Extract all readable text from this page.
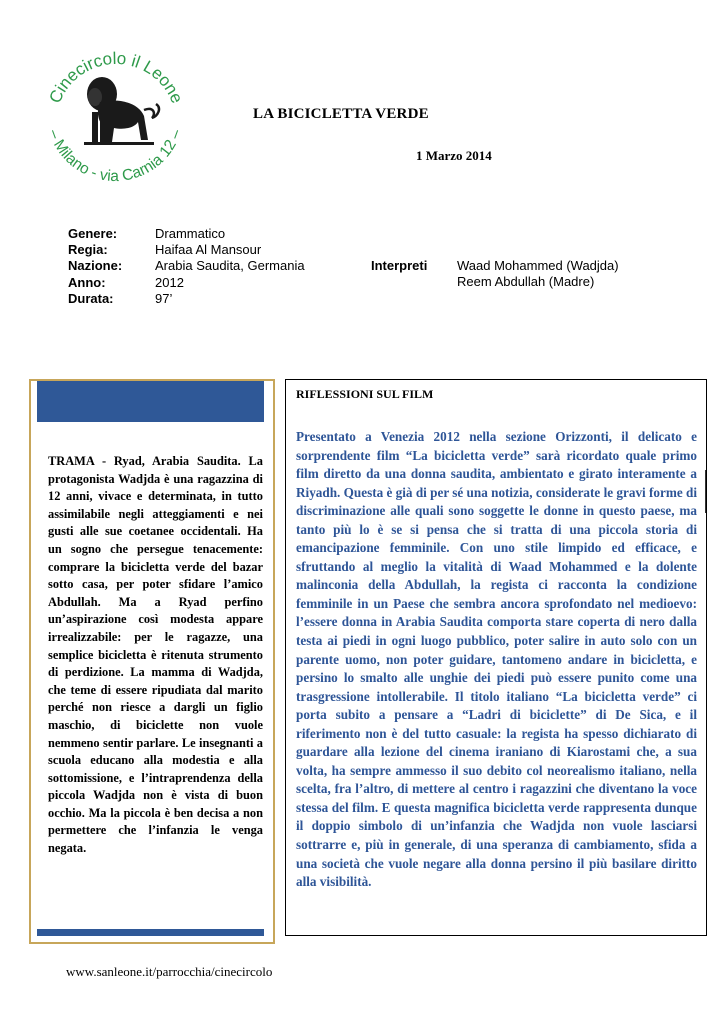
Cinecircolo il Leone
– Milano - via Carnia 12 –
LA BICICLETTA VERDE
1 Marzo 2014
Genere:
Regia:
Nazione:
Anno:
Durata:
Drammatico
Haifaa Al Mansour
Arabia Saudita, Germania
2012
97’
Interpreti Waad Mohammed (Wadjda)
Reem Abdullah (Madre)

TRAMA - Ryad, Arabia Saudita. La protagonista Wadjda è una ragazzina di 12 anni, vivace e determinata, in tutto assimilabile negli atteggiamenti e nei gusti alle sue coetanee occidentali. Ha un sogno che persegue tenacemente: comprare la bicicletta verde del bazar sotto casa, per poter sfidare l’amico Abdullah. Ma a Ryad perfino un’aspirazione così modesta appare irrealizzabile: per le ragazze, una semplice bicicletta è ritenuta strumento di perdizione. La mamma di Wadjda, che teme di essere ripudiata dal marito perché non riesce a dargli un figlio maschio, di biciclette non vuole nemmeno sentir parlare. Le insegnanti a scuola educano alla modestia e alla sottomissione, e l’intraprendenza della piccola Wadjda non è vista di buon occhio. Ma la piccola è ben decisa a non permettere che l’infanzia le venga negata.

RIFLESSIONI SUL FILM

Presentato a Venezia 2012 nella sezione Orizzonti, il delicato e sorprendente film “La bicicletta verde” sarà ricordato quale primo film diretto da una donna saudita, ambientato e girato interamente a Riyadh. Questa è già di per sé una notizia, considerate le gravi forme di discriminazione alle quali sono soggette le donne in questo paese, ma tanto più lo è se si pensa che si tratta di una piccola storia di emancipazione femminile. Con uno stile limpido ed efficace, e sfruttando al meglio la vitalità di Waad Mohammed e la dolente malinconia della Abdullah, la regista ci racconta la condizione femminile in un Paese che sembra ancora sprofondato nel medioevo: l’essere donna in Arabia Saudita comporta stare coperta di nero dalla testa ai piedi in ogni luogo pubblico, poter salire in auto solo con un parente uomo, non poter guidare, tantomeno andare in bicicletta, e persino lo smalto alle unghie dei piedi può essere punito come una trasgressione intollerabile. Il titolo italiano “La bicicletta verde” ci porta subito a pensare a “Ladri di biciclette” di De Sica, e il riferimento non è del tutto casuale: la regista ha spesso dichiarato di guardare alla lezione del cinema iraniano di Kiarostami che, a sua volta, ha sempre ammesso il suo debito col neorealismo italiano, nella scelta, fra l’altro, di mettere al centro i ragazzini che diventano la voce stessa del film. E questa magnifica bicicletta verde rappresenta dunque il doppio simbolo di un’infanzia che Wadjda non vuole lasciarsi sottrarre e, più in generale, di una speranza di cambiamento, sfida a una società che vuole negare alla donna persino il più basilare diritto alla visibilità.

www.sanleone.it/parrocchia/cinecircolo
